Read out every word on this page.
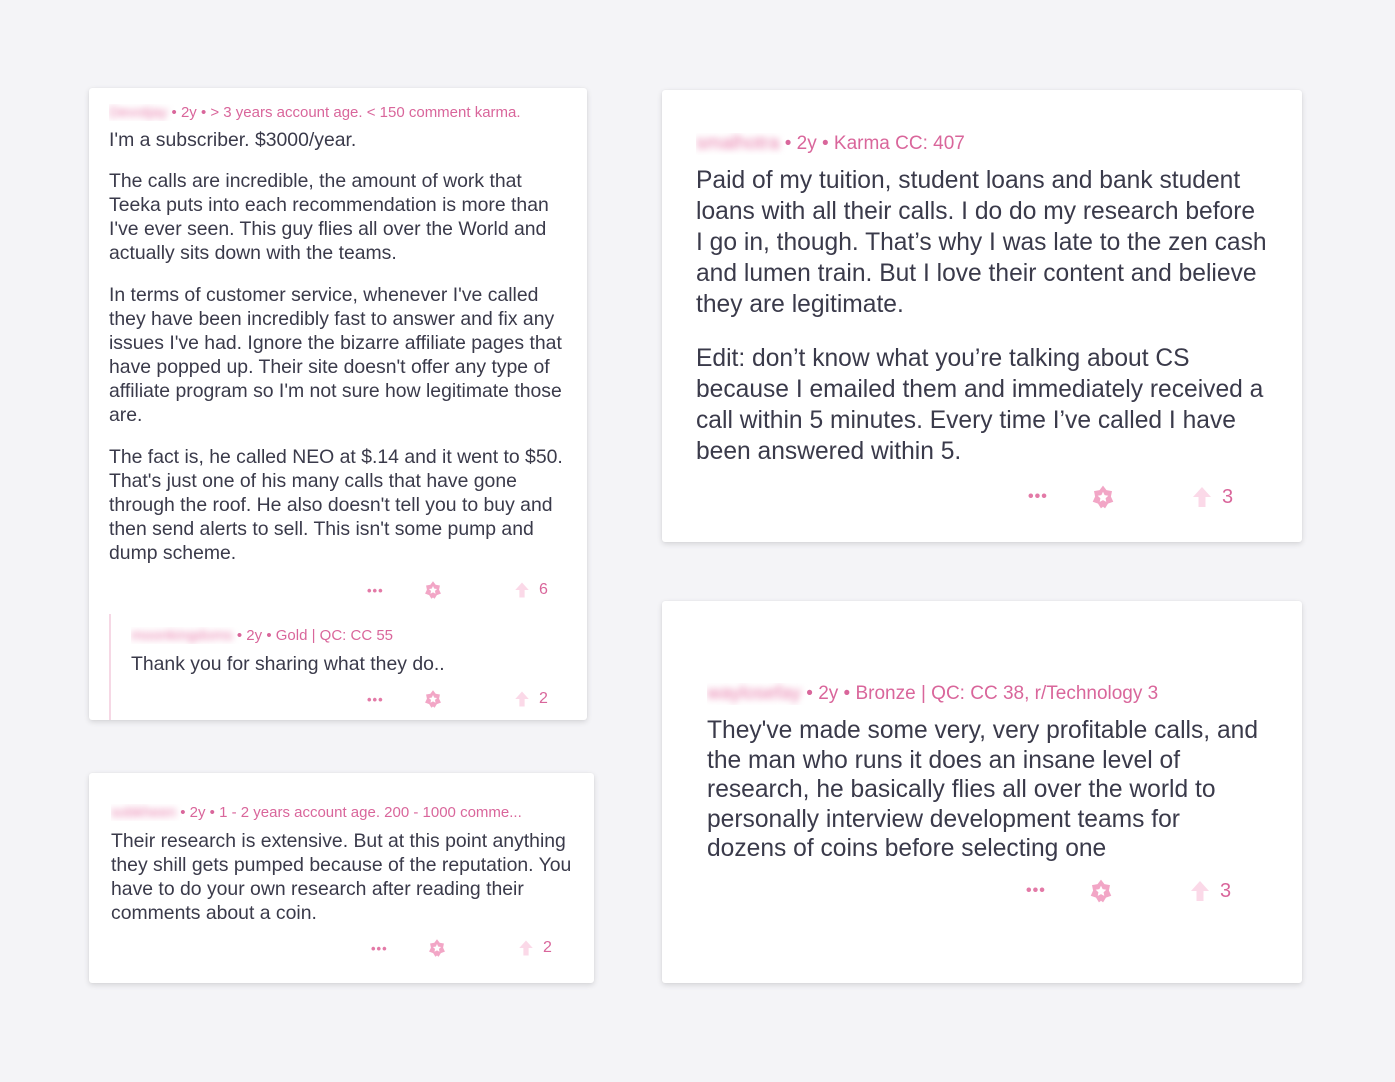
Devotjay • 2y • > 3 years account age. < 150 comment karma.

I'm a subscriber. $3000/year.

The calls are incredible, the amount of work that Teeka puts into each recommendation is more than I've ever seen. This guy flies all over the World and actually sits down with the teams.

In terms of customer service, whenever I've called they have been incredibly fast to answer and fix any issues I've had. Ignore the bizarre affiliate pages that have popped up. Their site doesn't offer any type of affiliate program so I'm not sure how legitimate those are.

The fact is, he called NEO at $.14 and it went to $50. That's just one of his many calls that have gone through the roof. He also doesn't tell you to buy and then send alerts to sell. This isn't some pump and dump scheme.

•••	6
moonkingdoms • 2y • Gold | QC: CC 55

Thank you for sharing what they do..

•••	2
sobkheen • 2y • 1 - 2 years account age. 200 - 1000 comme...

Their research is extensive. But at this point anything they shill gets pumped because of the reputation. You have to do your own research after reading their comments about a coin.

•••	2
smalhotra • 2y • Karma CC: 407

Paid of my tuition, student loans and bank student loans with all their calls. I do do my research before I go in, though. That’s why I was late to the zen cash and lumen train. But I love their content and believe they are legitimate.

Edit: don’t know what you’re talking about CS because I emailed them and immediately received a call within 5 minutes. Every time I’ve called I have been answered within 5.

•••	3
waylosefay • 2y • Bronze | QC: CC 38, r/Technology 3

They've made some very, very profitable calls, and the man who runs it does an insane level of research, he basically flies all over the world to personally interview development teams for dozens of coins before selecting one

•••	3
